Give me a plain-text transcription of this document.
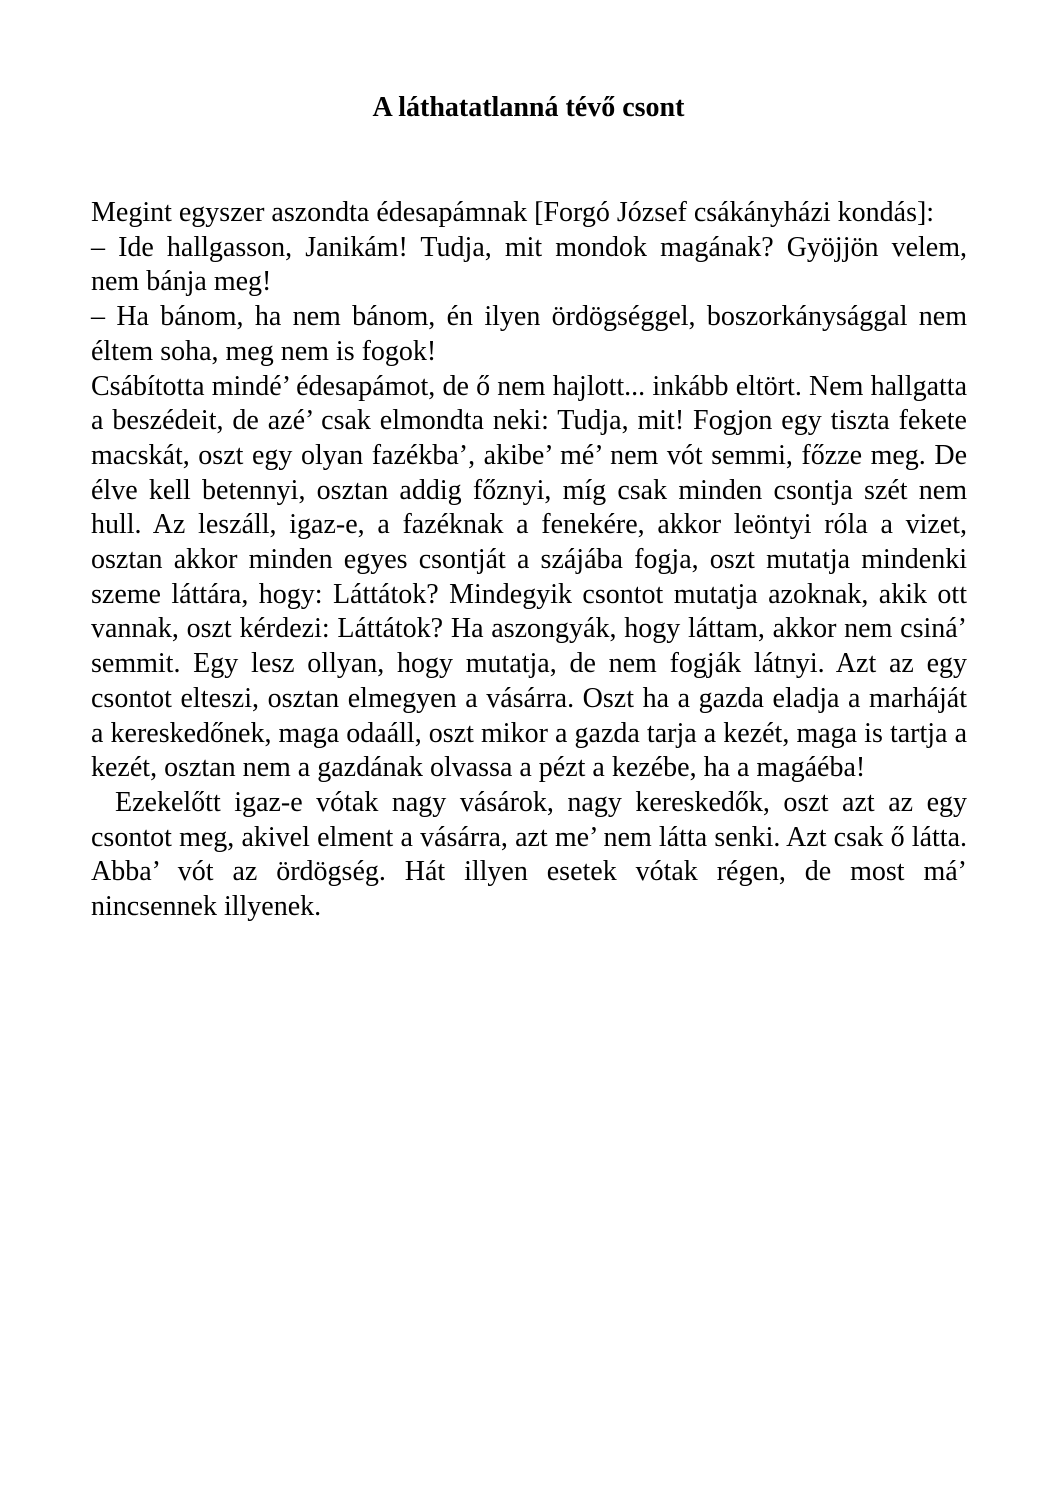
A láthatatlanná tévő csont

Megint egyszer aszondta édesapámnak [Forgó József csákányházi kondás]:

– Ide hallgasson, Janikám! Tudja, mit mondok magának? Gyöjjön velem, nem bánja meg!

– Ha bánom, ha nem bánom, én ilyen ördögséggel, boszorkánysággal nem éltem soha, meg nem is fogok!

Csábította mindé’ édesapámot, de ő nem hajlott... inkább eltört. Nem hallgatta a beszédeit, de azé’ csak elmondta neki: Tudja, mit! Fogjon egy tiszta fekete macskát, oszt egy olyan fazékba’, akibe’ mé’ nem vót semmi, főzze meg. De élve kell betennyi, osztan addig főznyi, míg csak minden csontja szét nem hull. Az leszáll, igaz-e, a fazéknak a fenekére, akkor leöntyi róla a vizet, osztan akkor minden egyes csontját a szájába fogja, oszt mutatja mindenki szeme láttára, hogy: Láttátok? Mindegyik csontot mutatja azoknak, akik ott vannak, oszt kérdezi: Láttátok? Ha aszongyák, hogy láttam, akkor nem csiná’ semmit. Egy lesz ollyan, hogy mutatja, de nem fogják látnyi. Azt az egy csontot elteszi, osztan elmegyen a vásárra. Oszt ha a gazda eladja a marháját a kereskedőnek, maga odaáll, oszt mikor a gazda tarja a kezét, maga is tartja a kezét, osztan nem a gazdának olvassa a pézt a kezébe, ha a magáéba!

Ezekelőtt igaz-e vótak nagy vásárok, nagy kereskedők, oszt azt az egy csontot meg, akivel elment a vásárra, azt me’ nem látta senki. Azt csak ő látta. Abba’ vót az ördögség. Hát illyen esetek vótak régen, de most má’ nincsennek illyenek.
